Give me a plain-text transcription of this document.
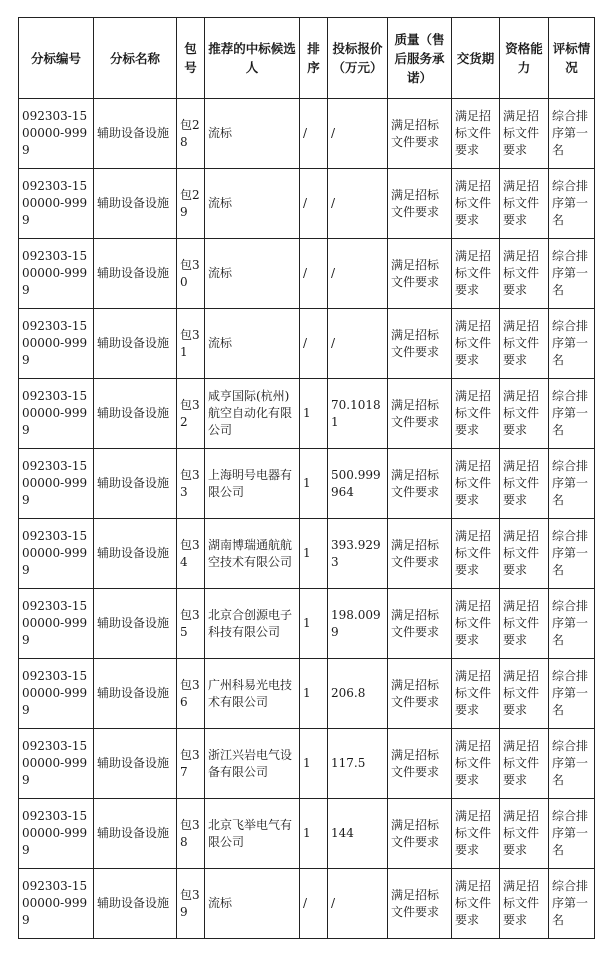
分标编号	分标名称	包号	推荐的中标候选人	排序	投标报价（万元）	质量（售后服务承诺）	交货期	资格能力	评标情况
092303-1500000-9999	辅助设备设施	包28	流标	/	/	满足招标文件要求	满足招标文件要求	满足招标文件要求	综合排序第一名
092303-1500000-9999	辅助设备设施	包29	流标	/	/	满足招标文件要求	满足招标文件要求	满足招标文件要求	综合排序第一名
092303-1500000-9999	辅助设备设施	包30	流标	/	/	满足招标文件要求	满足招标文件要求	满足招标文件要求	综合排序第一名
092303-1500000-9999	辅助设备设施	包31	流标	/	/	满足招标文件要求	满足招标文件要求	满足招标文件要求	综合排序第一名
092303-1500000-9999	辅助设备设施	包32	咸亨国际(杭州)航空自动化有限公司	1	70.10181	满足招标文件要求	满足招标文件要求	满足招标文件要求	综合排序第一名
092303-1500000-9999	辅助设备设施	包33	上海明号电器有限公司	1	500.999964	满足招标文件要求	满足招标文件要求	满足招标文件要求	综合排序第一名
092303-1500000-9999	辅助设备设施	包34	湖南博瑞通航航空技术有限公司	1	393.9293	满足招标文件要求	满足招标文件要求	满足招标文件要求	综合排序第一名
092303-1500000-9999	辅助设备设施	包35	北京合创源电子科技有限公司	1	198.0099	满足招标文件要求	满足招标文件要求	满足招标文件要求	综合排序第一名
092303-1500000-9999	辅助设备设施	包36	广州科易光电技术有限公司	1	206.8	满足招标文件要求	满足招标文件要求	满足招标文件要求	综合排序第一名
092303-1500000-9999	辅助设备设施	包37	浙江兴岩电气设备有限公司	1	117.5	满足招标文件要求	满足招标文件要求	满足招标文件要求	综合排序第一名
092303-1500000-9999	辅助设备设施	包38	北京飞举电气有限公司	1	144	满足招标文件要求	满足招标文件要求	满足招标文件要求	综合排序第一名
092303-1500000-9999	辅助设备设施	包39	流标	/	/	满足招标文件要求	满足招标文件要求	满足招标文件要求	综合排序第一名
